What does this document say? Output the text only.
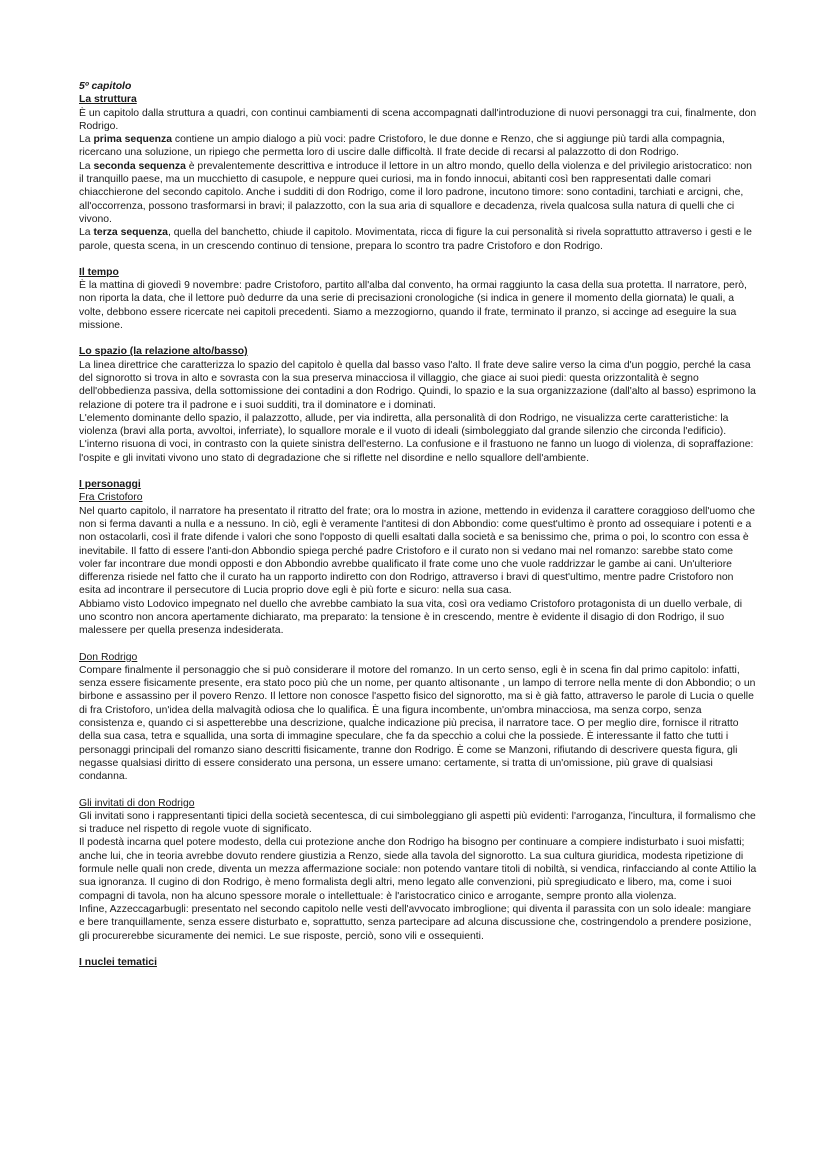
5º capitolo
La struttura

È un capitolo dalla struttura a quadri, con continui cambiamenti di scena accompagnati dall'introduzione di nuovi personaggi tra cui, finalmente, don Rodrigo.

La prima sequenza contiene un ampio dialogo a più voci: padre Cristoforo, le due donne e Renzo, che si aggiunge più tardi alla compagnia, ricercano una soluzione, un ripiego che permetta loro di uscire dalle difficoltà. Il frate decide di recarsi al palazzotto di don Rodrigo.

La seconda sequenza è prevalentemente descrittiva e introduce il lettore in un altro mondo, quello della violenza e del privilegio aristocratico: non il tranquillo paese, ma un mucchietto di casupole, e neppure quei curiosi, ma in fondo innocui, abitanti così ben rappresentati dalle comari chiacchierone del secondo capitolo. Anche i sudditi di don Rodrigo, come il loro padrone, incutono timore: sono contadini, tarchiati e arcigni, che, all'occorrenza, possono trasformarsi in bravi; il palazzotto, con la sua aria di squallore e decadenza, rivela qualcosa sulla natura di quelli che ci vivono.

La terza sequenza, quella del banchetto, chiude il capitolo. Movimentata, ricca di figure la cui personalità si rivela soprattutto attraverso i gesti e le parole, questa scena, in un crescendo continuo di tensione, prepara lo scontro tra padre Cristoforo e don Rodrigo.

Il tempo

È la mattina di giovedì 9 novembre: padre Cristoforo, partito all'alba dal convento, ha ormai raggiunto la casa della sua protetta. Il narratore, però, non riporta la data, che il lettore può dedurre da una serie di precisazioni cronologiche (si indica in genere il momento della giornata) le quali, a volte, debbono essere ricercate nei capitoli precedenti. Siamo a mezzogiorno, quando il frate, terminato il pranzo, si accinge ad eseguire la sua missione.

Lo spazio (la relazione alto/basso)

La linea direttrice che caratterizza lo spazio del capitolo è quella dal basso vaso l'alto. Il frate deve salire verso la cima d'un poggio, perché la casa del signorotto si trova in alto e sovrasta con la sua preserva minacciosa il villaggio, che giace ai suoi piedi: questa orizzontalità è segno dell'obbedienza passiva, della sottomissione dei contadini a don Rodrigo. Quindi, lo spazio e la sua organizzazione (dall'alto al basso) esprimono la relazione di potere tra il padrone e i suoi sudditi, tra il dominatore e i dominati.

L'elemento dominante dello spazio, il palazzotto, allude, per via indiretta, alla personalità di don Rodrigo, ne visualizza certe caratteristiche: la violenza (bravi alla porta, avvoltoi, inferriate), lo squallore morale e il vuoto di ideali (simboleggiato dal grande silenzio che circonda l'edificio).

L'interno risuona di voci, in contrasto con la quiete sinistra dell'esterno. La confusione e il frastuono ne fanno un luogo di violenza, di sopraffazione: l'ospite e gli invitati vivono uno stato di degradazione che si riflette nel disordine e nello squallore dell'ambiente.

I personaggi
Fra Cristoforo

Nel quarto capitolo, il narratore ha presentato il ritratto del frate; ora lo mostra in azione, mettendo in evidenza il carattere coraggioso dell'uomo che non si ferma davanti a nulla e a nessuno. In ciò, egli è veramente l'antitesi di don Abbondio: come quest'ultimo è pronto ad ossequiare i potenti e a non ostacolarli, così il frate difende i valori che sono l'opposto di quelli esaltati dalla società e sa benissimo che, prima o poi, lo scontro con essa è inevitabile. Il fatto di essere l'anti-don Abbondio spiega perché padre Cristoforo e il curato non si vedano mai nel romanzo: sarebbe stato come voler far incontrare due mondi opposti e don Abbondio avrebbe qualificato il frate come uno che vuole raddrizzar le gambe ai cani. Un'ulteriore differenza risiede nel fatto che il curato ha un rapporto indiretto con don Rodrigo, attraverso i bravi di quest'ultimo, mentre padre Cristoforo non esita ad incontrare il persecutore di Lucia proprio dove egli è più forte e sicuro: nella sua casa.

Abbiamo visto Lodovico impegnato nel duello che avrebbe cambiato la sua vita, così ora vediamo Cristoforo protagonista di un duello verbale, di uno scontro non ancora apertamente dichiarato, ma preparato: la tensione è in crescendo, mentre è evidente il disagio di don Rodrigo, il suo malessere per quella presenza indesiderata.

Don Rodrigo

Compare finalmente il personaggio che si può considerare il motore del romanzo. In un certo senso, egli è in scena fin dal primo capitolo: infatti, senza essere fisicamente presente, era stato poco più che un nome, per quanto altisonante , un lampo di terrore nella mente di don Abbondio; o un birbone e assassino per il povero Renzo. Il lettore non conosce l'aspetto fisico del signorotto, ma si è già fatto, attraverso le parole di Lucia o quelle di fra Cristoforo, un'idea della malvagità odiosa che lo qualifica. È una figura incombente, un'ombra minacciosa, ma senza corpo, senza consistenza e, quando ci si aspetterebbe una descrizione, qualche indicazione più precisa, il narratore tace. O per meglio dire, fornisce il ritratto della sua casa, tetra e squallida, una sorta di immagine speculare, che fa da specchio a colui che la possiede. È interessante il fatto che tutti i personaggi principali del romanzo siano descritti fisicamente, tranne don Rodrigo. È come se Manzoni, rifiutando di descrivere questa figura, gli negasse qualsiasi diritto di essere considerato una persona, un essere umano: certamente, si tratta di un'omissione, più grave di qualsiasi condanna.

Gli invitati di don Rodrigo

Gli invitati sono i rappresentanti tipici della società secentesca, di cui simboleggiano gli aspetti più evidenti: l'arroganza, l'incultura, il formalismo che si traduce nel rispetto di regole vuote di significato.

Il podestà incarna quel potere modesto, della cui protezione anche don Rodrigo ha bisogno per continuare a compiere indisturbato i suoi misfatti; anche lui, che in teoria avrebbe dovuto rendere giustizia a Renzo, siede alla tavola del signorotto. La sua cultura giuridica, modesta ripetizione di formule nelle quali non crede, diventa un mezza affermazione sociale: non potendo vantare titoli di nobiltà, si vendica, rinfacciando al conte Attilio la sua ignoranza. Il cugino di don Rodrigo, è meno formalista degli altri, meno legato alle convenzioni, più spregiudicato e libero, ma, come i suoi compagni di tavola, non ha alcuno spessore morale o intellettuale: è l'aristocratico cinico e arrogante, sempre pronto alla violenza.

Infine, Azzeccagarbugli: presentato nel secondo capitolo nelle vesti dell'avvocato imbroglione; qui diventa il parassita con un solo ideale: mangiare e bere tranquillamente, senza essere disturbato e, soprattutto, senza partecipare ad alcuna discussione che, costringendolo a prendere posizione, gli procurerebbe sicuramente dei nemici. Le sue risposte, perciò, sono vili e ossequienti.

I nuclei tematici
